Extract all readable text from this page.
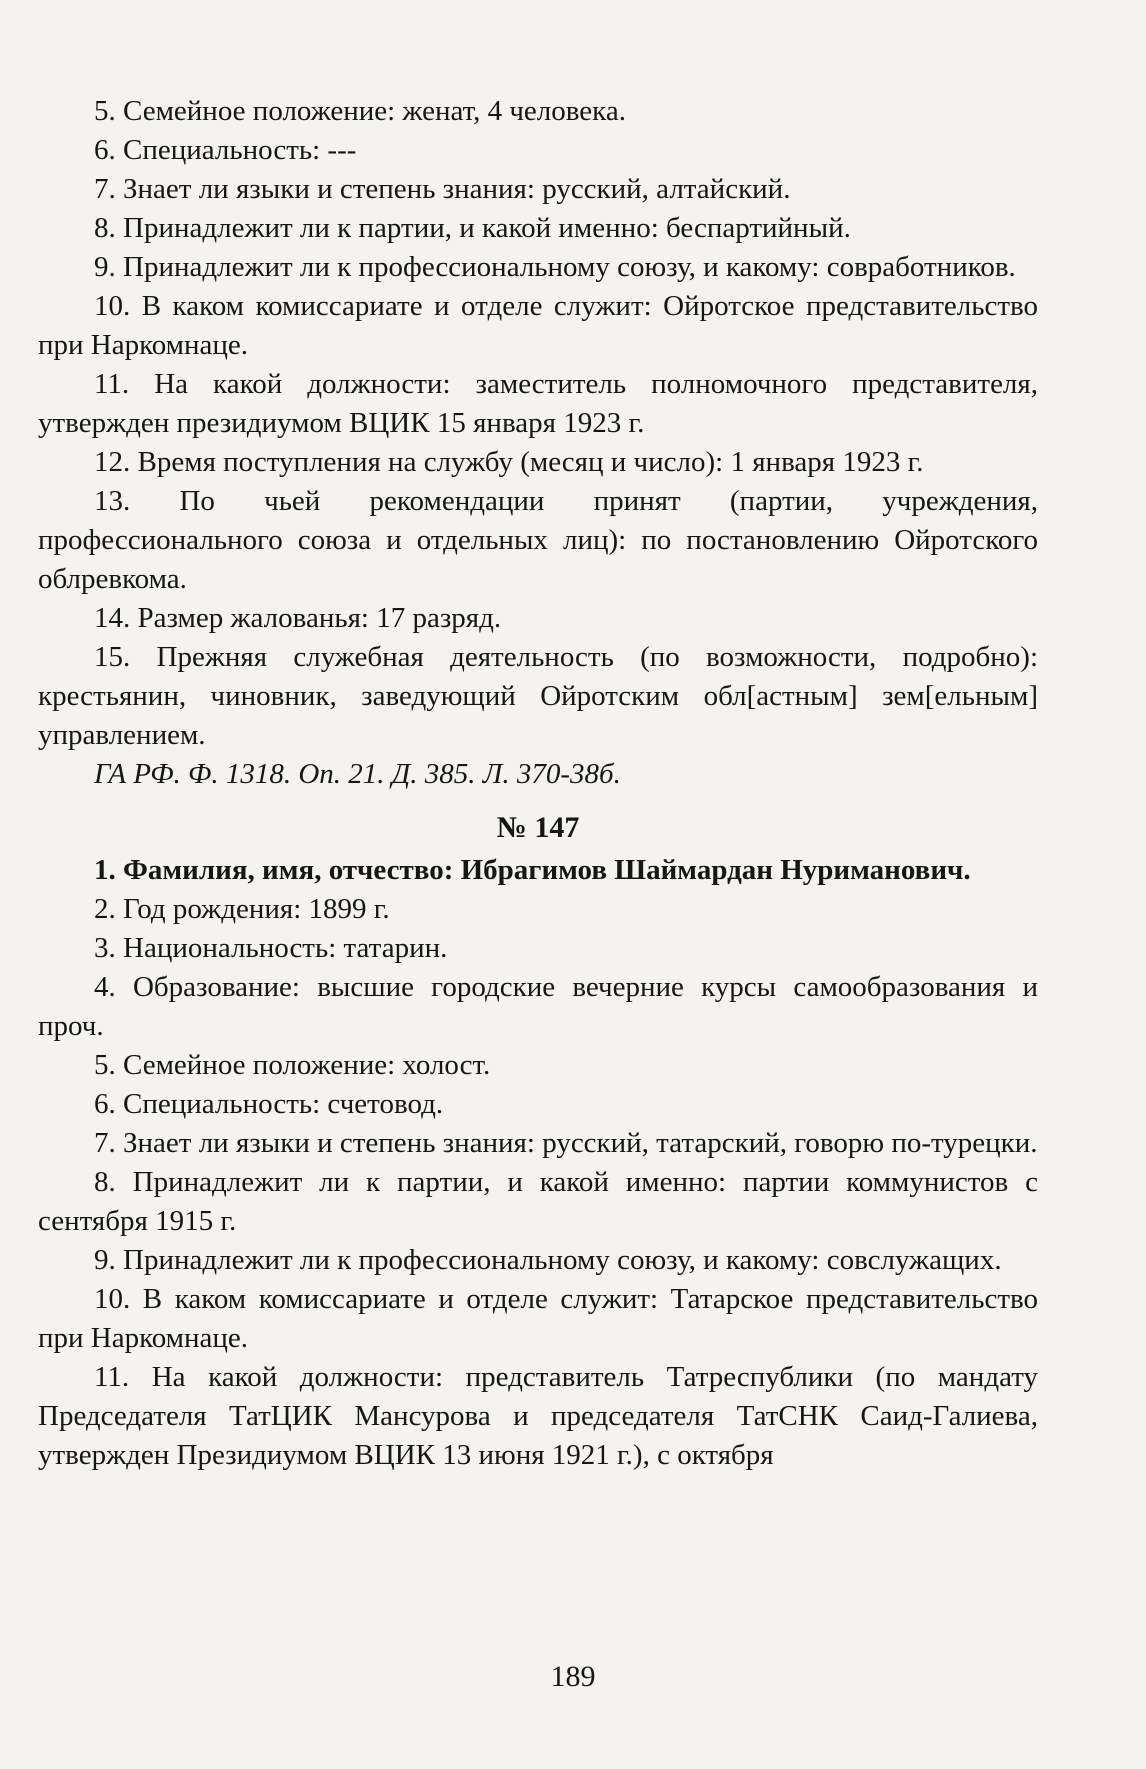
5. Семейное положение: женат, 4 человека.

6. Специальность: ---

7. Знает ли языки и степень знания: русский, алтайский.

8. Принадлежит ли к партии, и какой именно: беспартийный.

9. Принадлежит ли к профессиональному союзу, и какому: совработников.

10. В каком комиссариате и отделе служит: Ойротское представительство при Наркомнаце.

11. На какой должности: заместитель полномочного представителя, утвержден президиумом ВЦИК 15 января 1923 г.

12. Время поступления на службу (месяц и число): 1 января 1923 г.

13. По чьей рекомендации принят (партии, учреждения, профессионального союза и отдельных лиц): по постановлению Ойротского облревкома.

14. Размер жалованья: 17 разряд.

15. Прежняя служебная деятельность (по возможности, подробно): крестьянин, чиновник, заведующий Ойротским обл[астным] зем[ельным] управлением.

ГА РФ. Ф. 1318. Оп. 21. Д. 385. Л. 370-38б.

№ 147

1. Фамилия, имя, отчество: Ибрагимов Шаймардан Нуриманович.

2. Год рождения: 1899 г.

3. Национальность: татарин.

4. Образование: высшие городские вечерние курсы самообразования и проч.

5. Семейное положение: холост.

6. Специальность: счетовод.

7. Знает ли языки и степень знания: русский, татарский, говорю по-турецки.

8. Принадлежит ли к партии, и какой именно: партии коммунистов с сентября 1915 г.

9. Принадлежит ли к профессиональному союзу, и какому: совслужащих.

10. В каком комиссариате и отделе служит: Татарское представительство при Наркомнаце.

11. На какой должности: представитель Татреспублики (по мандату Председателя ТатЦИК Мансурова и председателя ТатСНК Саид-Галиева, утвержден Президиумом ВЦИК 13 июня 1921 г.), с октября

189
